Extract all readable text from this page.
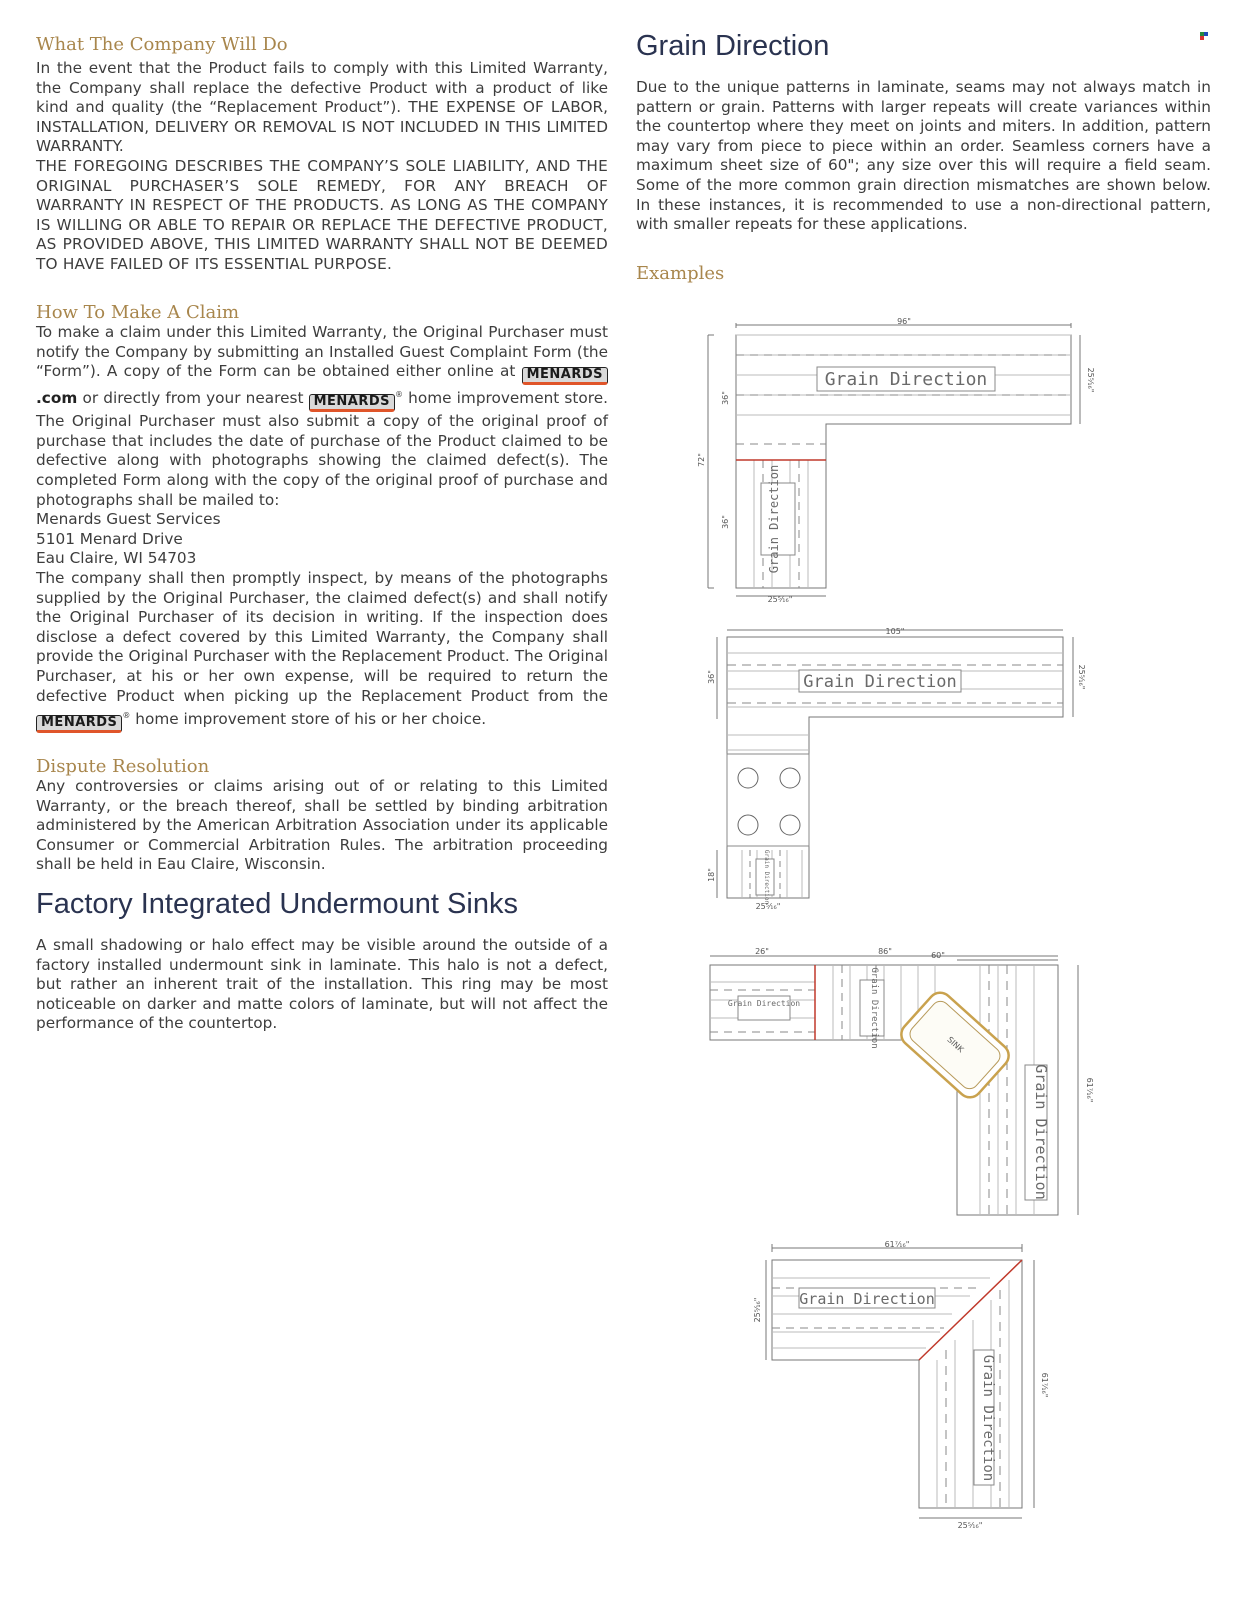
What The Company Will Do

In the event that the Product fails to comply with this Limited Warranty, the Company shall replace the defective Product with a product of like kind and quality (the “Replacement Product”). THE EXPENSE OF LABOR, INSTALLATION, DELIVERY OR REMOVAL IS NOT INCLUDED IN THIS LIMITED WARRANTY.

THE FOREGOING DESCRIBES THE COMPANY’S SOLE LIABILITY, AND THE ORIGINAL PURCHASER’S SOLE REMEDY, FOR ANY BREACH OF WARRANTY IN RESPECT OF THE PRODUCTS. AS LONG AS THE COMPANY IS WILLING OR ABLE TO REPAIR OR REPLACE THE DEFECTIVE PRODUCT, AS PROVIDED ABOVE, THIS LIMITED WARRANTY SHALL NOT BE DEEMED TO HAVE FAILED OF ITS ESSENTIAL PURPOSE.

How To Make A Claim

To make a claim under this Limited Warranty, the Original Purchaser must notify the Company by submitting an Installed Guest Complaint Form (the “Form”). A copy of the Form can be obtained either online at MENARDS.com or directly from your nearest MENARDS ® home improvement store. The Original Purchaser must also submit a copy of the original proof of purchase that includes the date of purchase of the Product claimed to be defective along with photographs showing the claimed defect(s). The completed Form along with the copy of the original proof of purchase and photographs shall be mailed to:

Menards Guest Services

5101 Menard Drive

Eau Claire, WI 54703

The company shall then promptly inspect, by means of the photographs supplied by the Original Purchaser, the claimed defect(s) and shall notify the Original Purchaser of its decision in writing. If the inspection does disclose a defect covered by this Limited Warranty, the Company shall provide the Original Purchaser with the Replacement Product. The Original Purchaser, at his or her own expense, will be required to return the defective Product when picking up the Replacement Product from the MENARDS ® home improvement store of his or her choice.

Dispute Resolution

Any controversies or claims arising out of or relating to this Limited Warranty, or the breach thereof, shall be settled by binding arbitration administered by the American Arbitration Association under its applicable Consumer or Commercial Arbitration Rules. The arbitration proceeding shall be held in Eau Claire, Wisconsin.

Factory Integrated Undermount Sinks

A small shadowing or halo effect may be visible around the outside of a factory installed undermount sink in laminate. This halo is not a defect, but rather an inherent trait of the installation. This ring may be most noticeable on darker and matte colors of laminate, but will not affect the performance of the countertop.

Grain Direction

Due to the unique patterns in laminate, seams may not always match in pattern or grain. Patterns with larger repeats will create variances within the countertop where they meet on joints and miters. In addition, pattern may vary from piece to piece within an order. Seamless corners have a maximum sheet size of 60"; any size over this will require a field seam. Some of the more common grain direction mismatches are shown below. In these instances, it is recommended to use a non-directional pattern, with smaller repeats for these applications.

Examples
Grain Direction
Grain Direction
96"
25⁵⁄₁₆"
72"
36"
36"
25⁵⁄₁₆"
Grain Direction
Grain Direction
105"
25⁵⁄₁₆"
36"
18"
25⁵⁄₁₆"
SINK
Grain Direction	Grain Direction
Grain Direction
26"	86"	60"
61⁷⁄₁₆"
Grain Direction
Grain Direction
61⁷⁄₁₆"
25⁵⁄₁₆"
61⁷⁄₁₆"
25⁵⁄₁₆"
